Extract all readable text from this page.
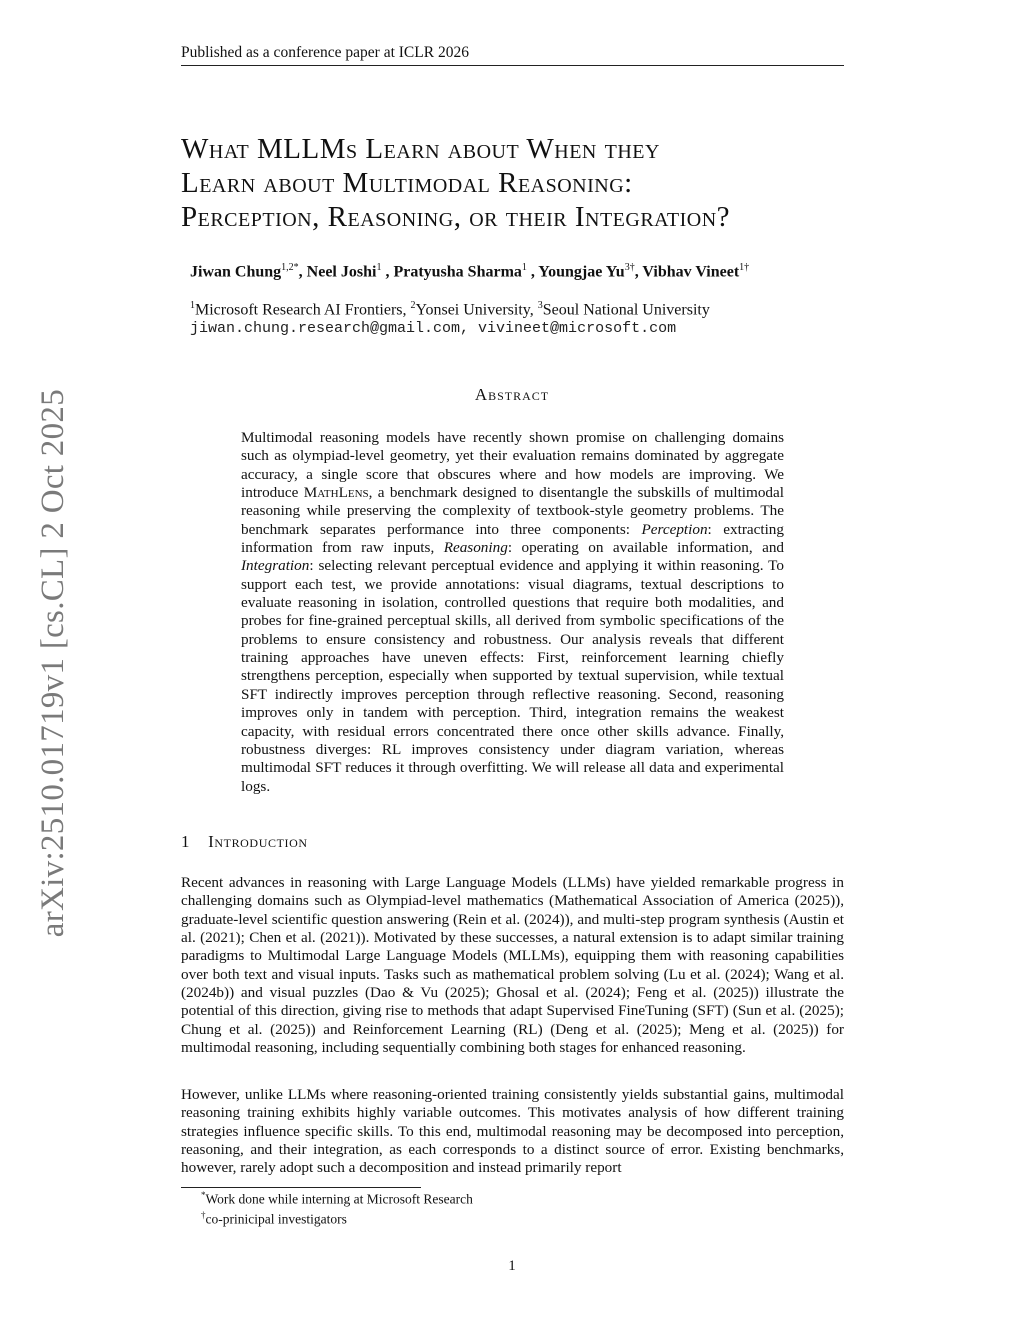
Published as a conference paper at ICLR 2026
arXiv:2510.01719v1 [cs.CL] 2 Oct 2025
What MLLMs Learn about When they
Learn about Multimodal Reasoning:
Perception, Reasoning, or their Integration?
Jiwan Chung$^{1,2*}$, Neel Joshi$^1$ , Pratyusha Sharma$^1$ , Youngjae $Yu^{3\dagger}$, Vibhav Vineet$^{1\dagger}$
$^1$Microsoft Research AI Frontiers, $^2$Yonsei University, $^3$Seoul National University
jiwan.chung.research@gmail.com, vivineet@microsoft.com
Abstract
Multimodal reasoning models have recently shown promise on challenging domains such as olympiad-level geometry, yet their evaluation remains dominated by aggregate accuracy, a single score that obscures where and how models are improving. We introduce MathLens, a benchmark designed to disentangle the subskills of multimodal reasoning while preserving the complexity of textbook-style geometry problems. The benchmark separates performance into three components: Perception: extracting information from raw inputs, Reasoning: operating on available information, and Integration: selecting relevant perceptual evidence and applying it within reasoning. To support each test, we provide annotations: visual diagrams, textual descriptions to evaluate reasoning in isolation, controlled questions that require both modalities, and probes for fine-grained perceptual skills, all derived from symbolic specifications of the problems to ensure consistency and robustness. Our analysis reveals that different training approaches have uneven effects: First, reinforcement learning chiefly strengthens perception, especially when supported by textual supervision, while textual SFT indirectly improves perception through reflective reasoning. Second, reasoning improves only in tandem with perception. Third, integration remains the weakest capacity, with residual errors concentrated there once other skills advance. Finally, robustness diverges: RL improves consistency under diagram variation, whereas multimodal SFT reduces it through overfitting. We will release all data and experimental logs.
1 Introduction
Recent advances in reasoning with Large Language Models (LLMs) have yielded remarkable progress in challenging domains such as Olympiad-level mathematics (Mathematical Association of America (2025)), graduate-level scientific question answering (Rein et al. (2024)), and multi-step program synthesis (Austin et al. (2021); Chen et al. (2021)). Motivated by these successes, a natural extension is to adapt similar training paradigms to Multimodal Large Language Models (MLLMs), equipping them with reasoning capabilities over both text and visual inputs. Tasks such as mathematical problem solving (Lu et al. (2024); Wang et al. (2024b)) and visual puzzles (Dao & Vu (2025); Ghosal et al. (2024); Feng et al. (2025)) illustrate the potential of this direction, giving rise to methods that adapt Supervised FineTuning (SFT) (Sun et al. (2025); Chung et al. (2025)) and Reinforcement Learning (RL) (Deng et al. (2025); Meng et al. (2025)) for multimodal reasoning, including sequentially combining both stages for enhanced reasoning.
However, unlike LLMs where reasoning-oriented training consistently yields substantial gains, multimodal reasoning training exhibits highly variable outcomes. This motivates analysis of how different training strategies influence specific skills. To this end, multimodal reasoning may be decomposed into perception, reasoning, and their integration, as each corresponds to a distinct source of error. Existing benchmarks, however, rarely adopt such a decomposition and instead primarily report
*Work done while interning at Microsoft Research
†co-prinicipal investigators
1
